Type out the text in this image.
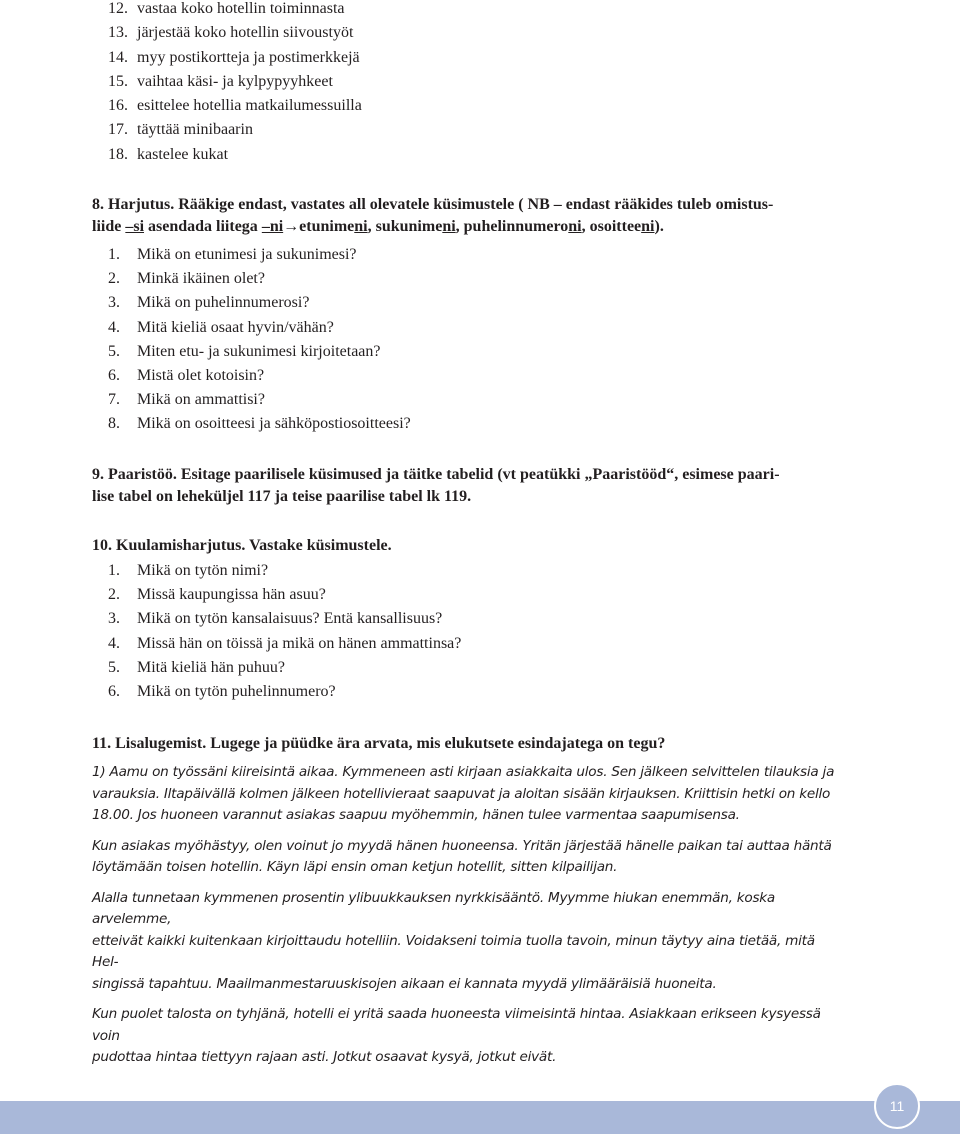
12. vastaa koko hotellin toiminnasta
13. järjestää koko hotellin siivoustyöt
14. myy postikortteja ja postimerkkejä
15. vaihtaa käsi- ja kylpypyyhkeet
16. esittelee hotellia matkailumessuilla
17. täyttää minibaarin
18. kastelee kukat

8. Harjutus. Rääkige endast, vastates all olevatele küsimustele ( NB – endast rääkides tuleb omistus-
liide –si asendada liitega –ni→etunimeni, sukunimeni, puhelinnumeroni, osoitteeni).

1. Mikä on etunimesi ja sukunimesi?
2. Minkä ikäinen olet?
3. Mikä on puhelinnumerosi?
4. Mitä kieliä osaat hyvin/vähän?
5. Miten etu- ja sukunimesi kirjoitetaan?
6. Mistä olet kotoisin?
7. Mikä on ammattisi?
8. Mikä on osoitteesi ja sähköpostiosoitteesi?

9. Paaristöö. Esitage paarilisele küsimused ja täitke tabelid (vt peatükki „Paaristööd“, esimese paari-
lise tabel on leheküljel 117 ja teise paarilise tabel lk 119.

10. Kuulamisharjutus. Vastake küsimustele.

1. Mikä on tytön nimi?
2. Missä kaupungissa hän asuu?
3. Mikä on tytön kansalaisuus? Entä kansallisuus?
4. Missä hän on töissä ja mikä on hänen ammattinsa?
5. Mitä kieliä hän puhuu?
6. Mikä on tytön puhelinnumero?

11. Lisalugemist. Lugege ja püüdke ära arvata, mis elukutsete esindajatega on tegu?

1) Aamu on työssäni kiireisintä aikaa. Kymmeneen asti kirjaan asiakkaita ulos. Sen jälkeen selvittelen tilauksia ja
varauksia. Iltapäivällä kolmen jälkeen hotellivieraat saapuvat ja aloitan sisään kirjauksen. Kriittisin hetki on kello
18.00. Jos huoneen varannut asiakas saapuu myöhemmin, hänen tulee varmentaa saapumisensa.

Kun asiakas myöhästyy, olen voinut jo myydä hänen huoneensa. Yritän järjestää hänelle paikan tai auttaa häntä
löytämään toisen hotellin. Käyn läpi ensin oman ketjun hotellit, sitten kilpailijan.

Alalla tunnetaan kymmenen prosentin ylibuukkauksen nyrkkisääntö. Myymme hiukan enemmän, koska arvelemme,
etteivät kaikki kuitenkaan kirjoittaudu hotelliin. Voidakseni toimia tuolla tavoin, minun täytyy aina tietää, mitä Hel-
singissä tapahtuu. Maailmanmestaruuskisojen aikaan ei kannata myydä ylimääräisiä huoneita.

Kun puolet talosta on tyhjänä, hotelli ei yritä saada huoneesta viimeisintä hintaa. Asiakkaan erikseen kysyessä voin
pudottaa hintaa tiettyyn rajaan asti. Jotkut osaavat kysyä, jotkut eivät.

11
